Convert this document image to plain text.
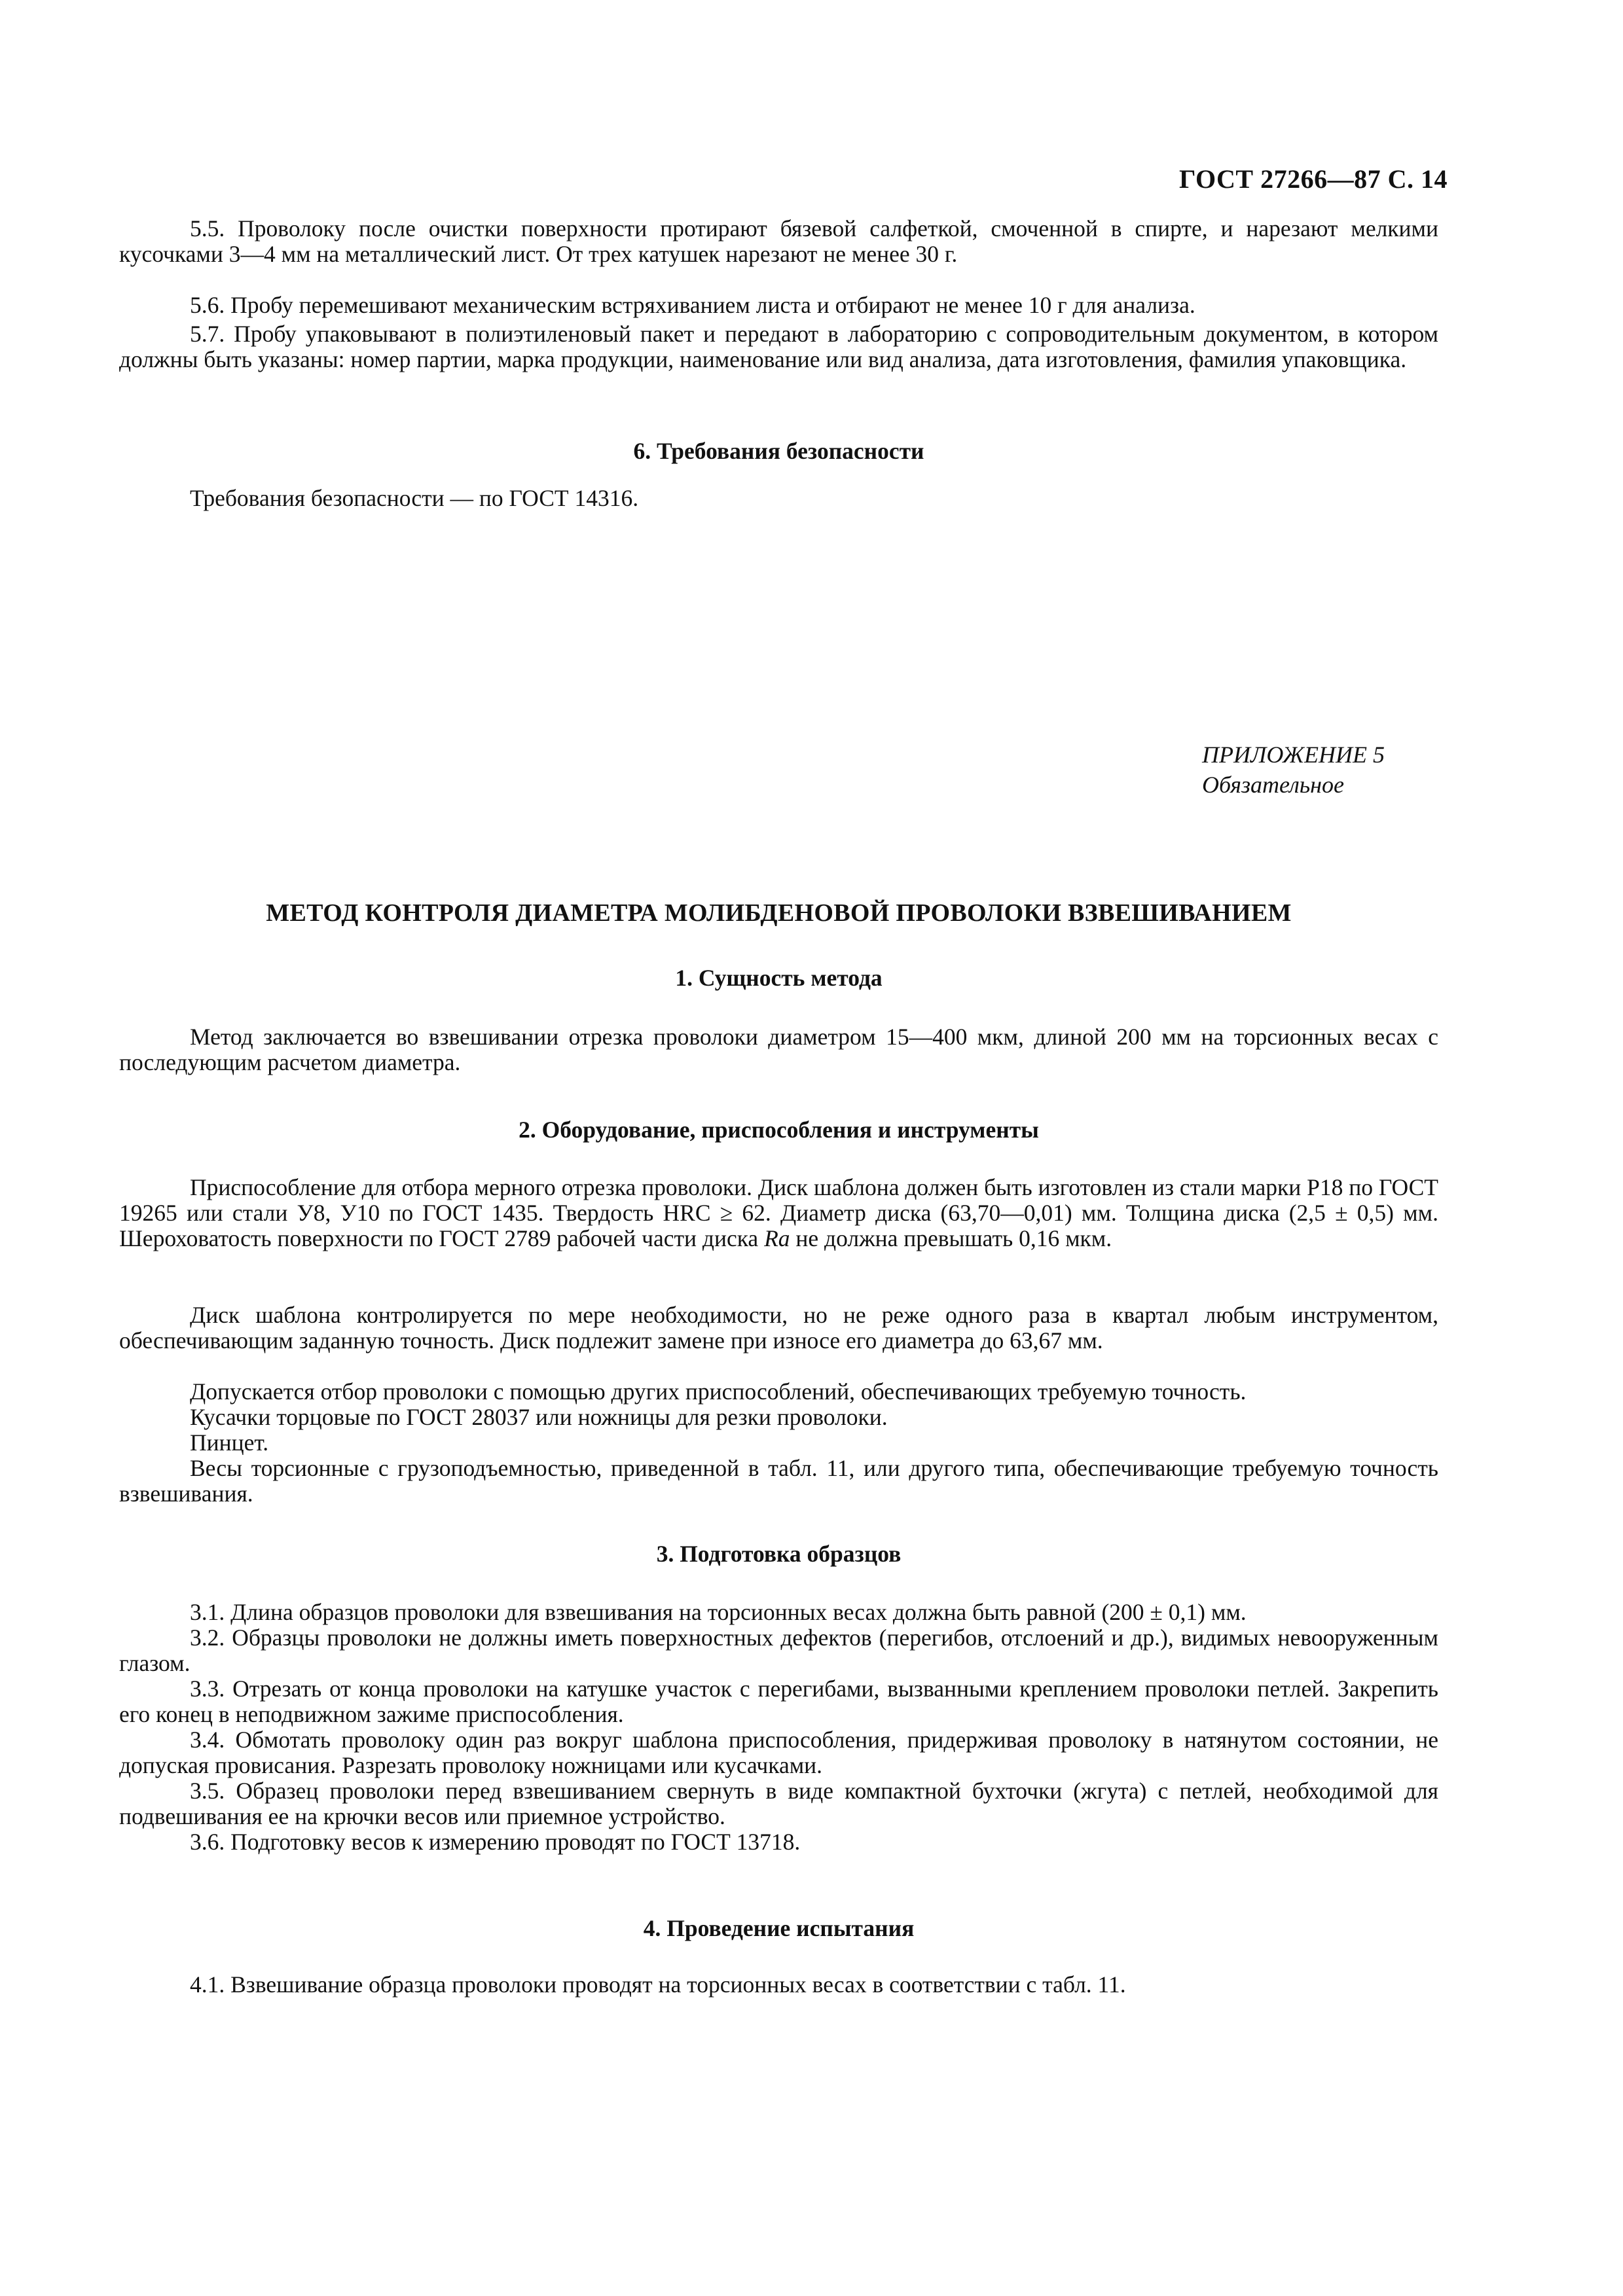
ГОСТ 27266—87 С. 14

5.5. Проволоку после очистки поверхности протирают бязевой салфеткой, смоченной в спирте, и нарезают мелкими кусочками 3—4 мм на металлический лист. От трех катушек нарезают не менее 30 г.

5.6. Пробу перемешивают механическим встряхиванием листа и отбирают не менее 10 г для анализа.

5.7. Пробу упаковывают в полиэтиленовый пакет и передают в лабораторию с сопроводительным документом, в котором должны быть указаны: номер партии, марка продукции, наименование или вид анализа, дата изготовления, фамилия упаковщика.

6. Требования безопасности

Требования безопасности — по ГОСТ 14316.

ПРИЛОЖЕНИЕ 5
Обязательное
МЕТОД КОНТРОЛЯ ДИАМЕТРА МОЛИБДЕНОВОЙ ПРОВОЛОКИ ВЗВЕШИВАНИЕМ
1. Сущность метода

Метод заключается во взвешивании отрезка проволоки диаметром 15—400 мкм, длиной 200 мм на торсионных весах с последующим расчетом диаметра.

2. Оборудование, приспособления и инструменты

Приспособление для отбора мерного отрезка проволоки. Диск шаблона должен быть изготовлен из стали марки Р18 по ГОСТ 19265 или стали У8, У10 по ГОСТ 1435. Твердость HRC ≥ 62. Диаметр диска (63,70—0,01) мм. Толщина диска (2,5 ± 0,5) мм. Шероховатость поверхности по ГОСТ 2789 рабочей части диска Ra не должна превышать 0,16 мкм.

Диск шаблона контролируется по мере необходимости, но не реже одного раза в квартал любым инструментом, обеспечивающим заданную точность. Диск подлежит замене при износе его диаметра до 63,67 мм.

Допускается отбор проволоки с помощью других приспособлений, обеспечивающих требуемую точность.

Кусачки торцовые по ГОСТ 28037 или ножницы для резки проволоки.

Пинцет.

Весы торсионные с грузоподъемностью, приведенной в табл. 11, или другого типа, обеспечивающие требуемую точность взвешивания.

3. Подготовка образцов

3.1. Длина образцов проволоки для взвешивания на торсионных весах должна быть равной (200 ± 0,1) мм.

3.2. Образцы проволоки не должны иметь поверхностных дефектов (перегибов, отслоений и др.), видимых невооруженным глазом.

3.3. Отрезать от конца проволоки на катушке участок с перегибами, вызванными креплением проволоки петлей. Закрепить его конец в неподвижном зажиме приспособления.

3.4. Обмотать проволоку один раз вокруг шаблона приспособления, придерживая проволоку в натянутом состоянии, не допуская провисания. Разрезать проволоку ножницами или кусачками.

3.5. Образец проволоки перед взвешиванием свернуть в виде компактной бухточки (жгута) с петлей, необходимой для подвешивания ее на крючки весов или приемное устройство.

3.6. Подготовку весов к измерению проводят по ГОСТ 13718.

4. Проведение испытания

4.1. Взвешивание образца проволоки проводят на торсионных весах в соответствии с табл. 11.
